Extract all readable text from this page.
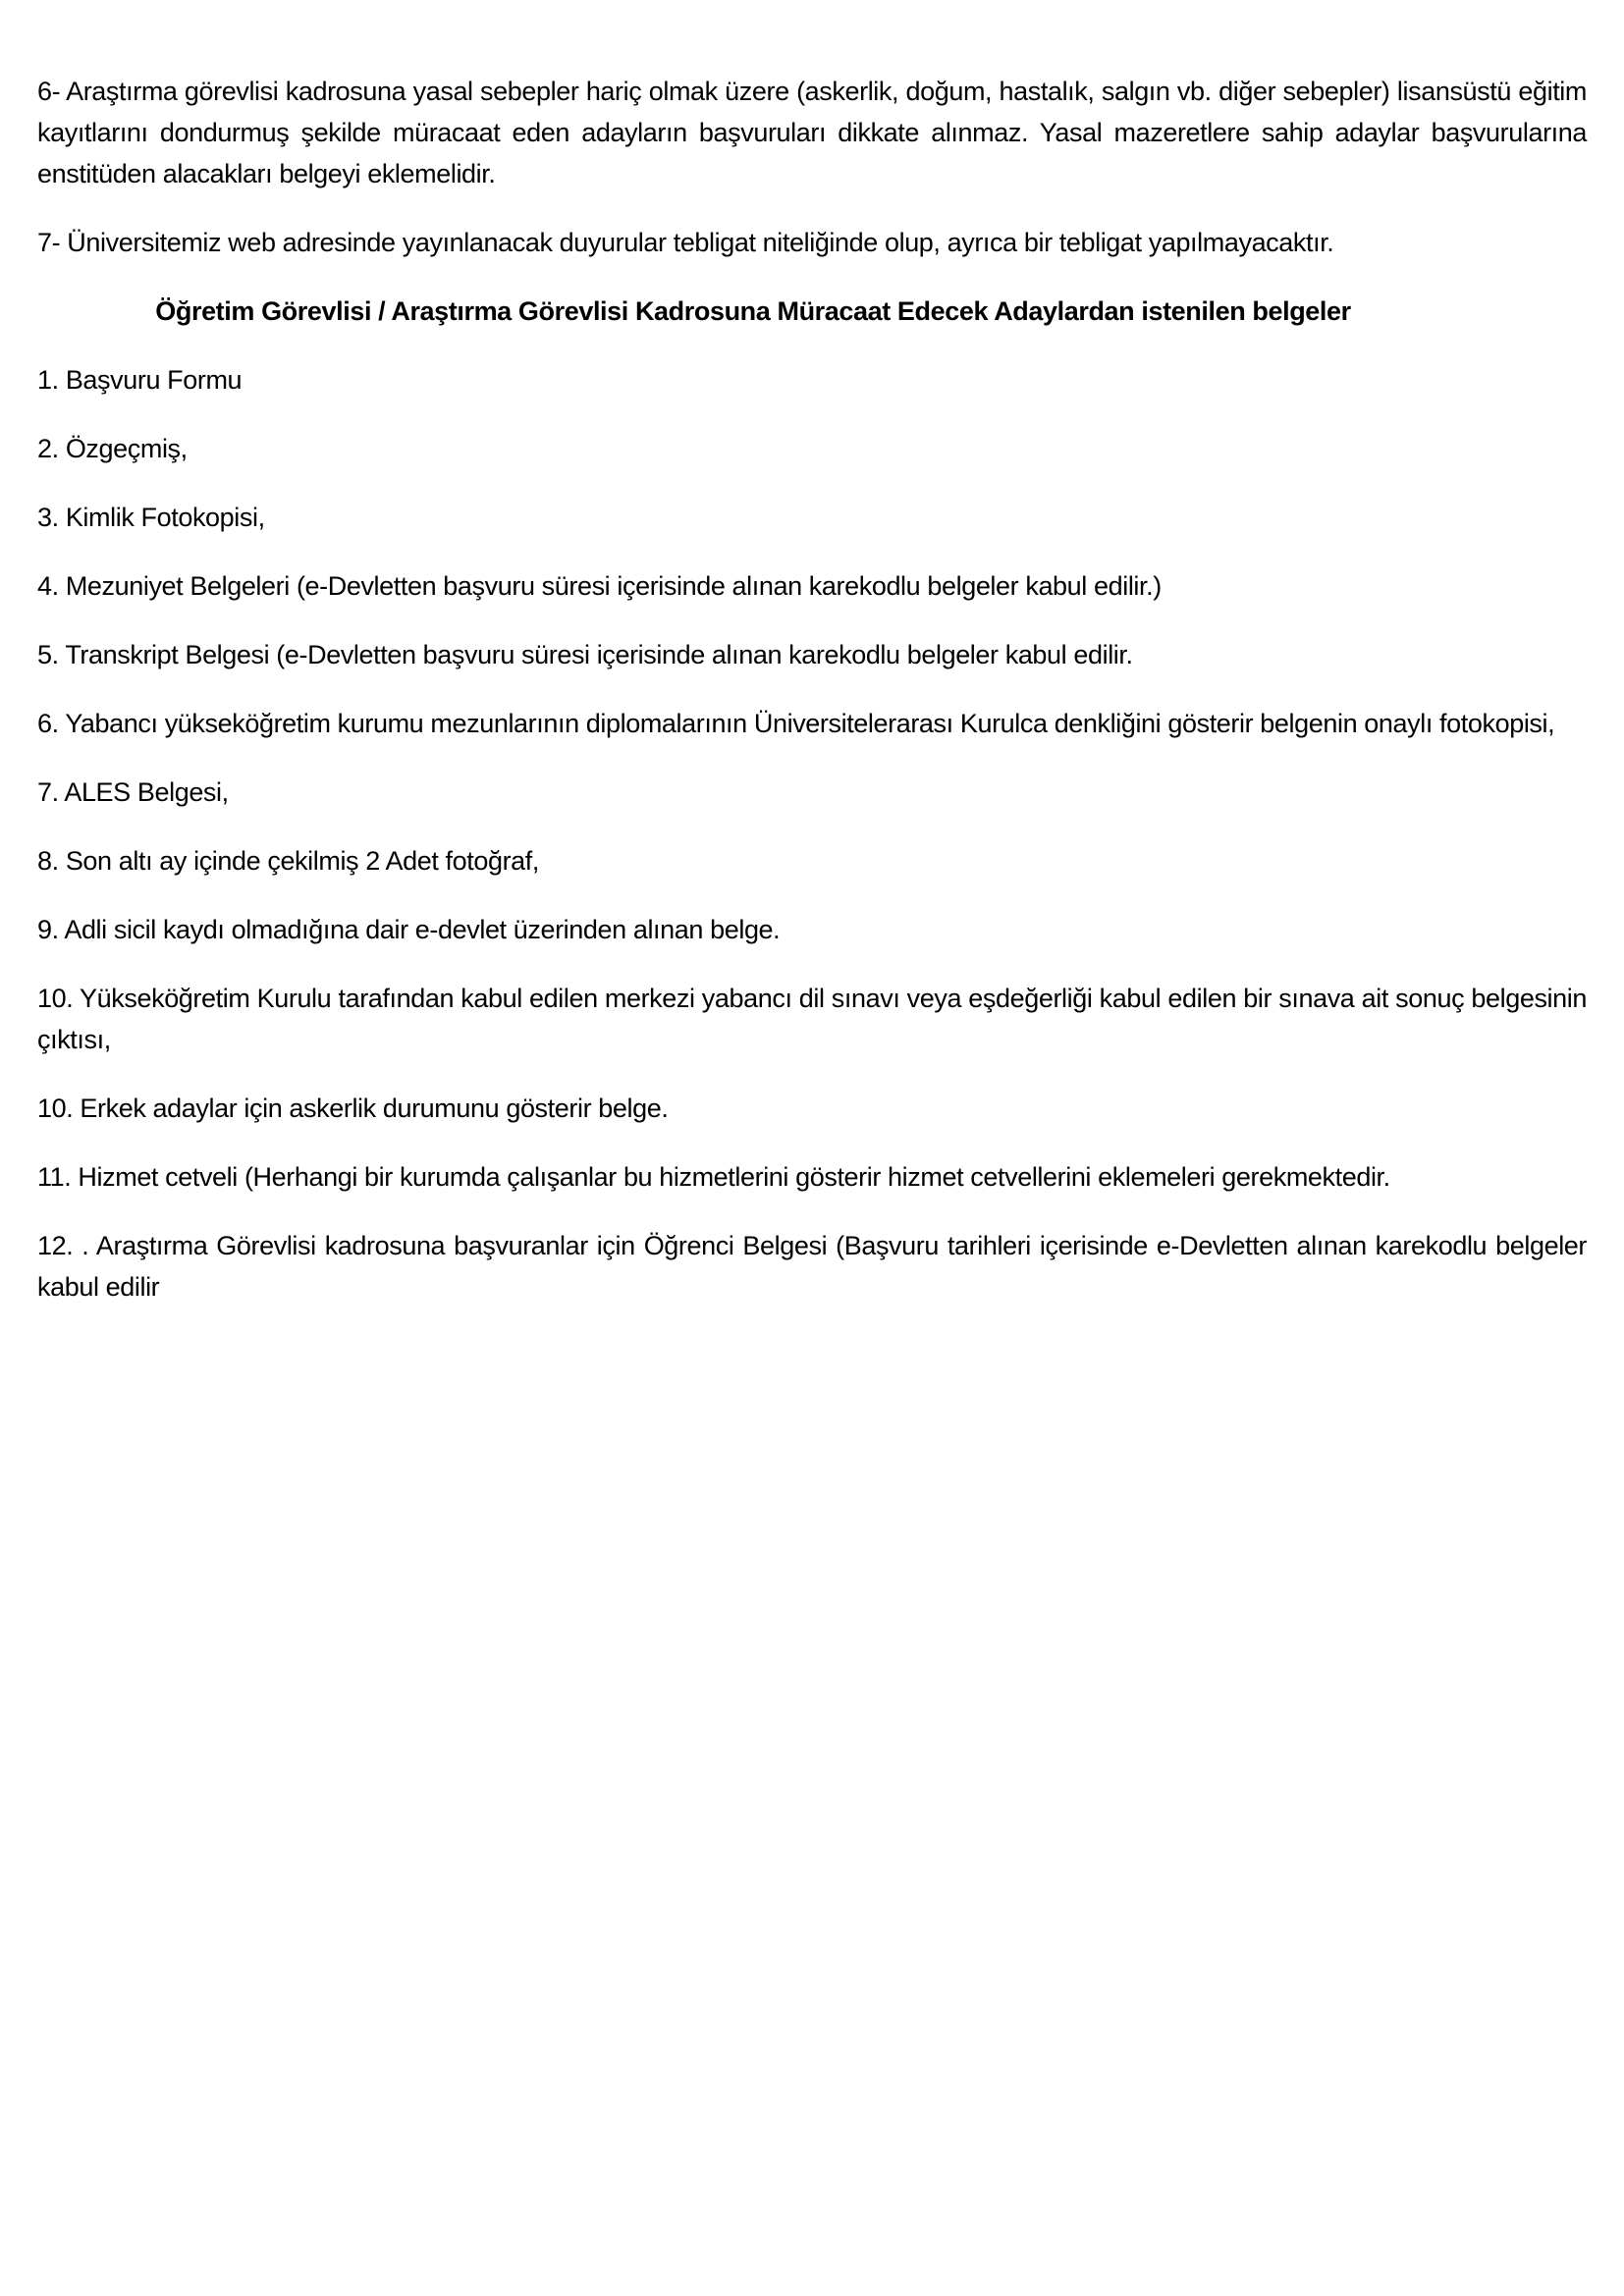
6- Araştırma görevlisi kadrosuna yasal sebepler hariç olmak üzere (askerlik, doğum, hastalık, salgın vb. diğer sebepler) lisansüstü eğitim kayıtlarını dondurmuş şekilde müracaat eden adayların başvuruları dikkate alınmaz. Yasal mazeretlere sahip adaylar başvurularına enstitüden alacakları belgeyi eklemelidir.

7- Üniversitemiz web adresinde yayınlanacak duyurular tebligat niteliğinde olup, ayrıca bir tebligat yapılmayacaktır.

Öğretim Görevlisi / Araştırma Görevlisi Kadrosuna Müracaat Edecek Adaylardan istenilen belgeler

1. Başvuru Formu

2. Özgeçmiş,

3. Kimlik Fotokopisi,

4. Mezuniyet Belgeleri (e-Devletten başvuru süresi içerisinde alınan karekodlu belgeler kabul edilir.)

5. Transkript Belgesi (e-Devletten başvuru süresi içerisinde alınan karekodlu belgeler kabul edilir.

6. Yabancı yükseköğretim kurumu mezunlarının diplomalarının Üniversitelerarası Kurulca denkliğini gösterir belgenin onaylı fotokopisi,

7. ALES Belgesi,

8. Son altı ay içinde çekilmiş 2 Adet fotoğraf,

9. Adli sicil kaydı olmadığına dair e-devlet üzerinden alınan belge.

10. Yükseköğretim Kurulu tarafından kabul edilen merkezi yabancı dil sınavı veya eşdeğerliği kabul edilen bir sınava ait sonuç belgesinin çıktısı,

10. Erkek adaylar için askerlik durumunu gösterir belge.

11. Hizmet cetveli (Herhangi bir kurumda çalışanlar bu hizmetlerini gösterir hizmet cetvellerini eklemeleri gerekmektedir.

12. . Araştırma Görevlisi kadrosuna başvuranlar için Öğrenci Belgesi (Başvuru tarihleri içerisinde e-Devletten alınan karekodlu belgeler kabul edilir
